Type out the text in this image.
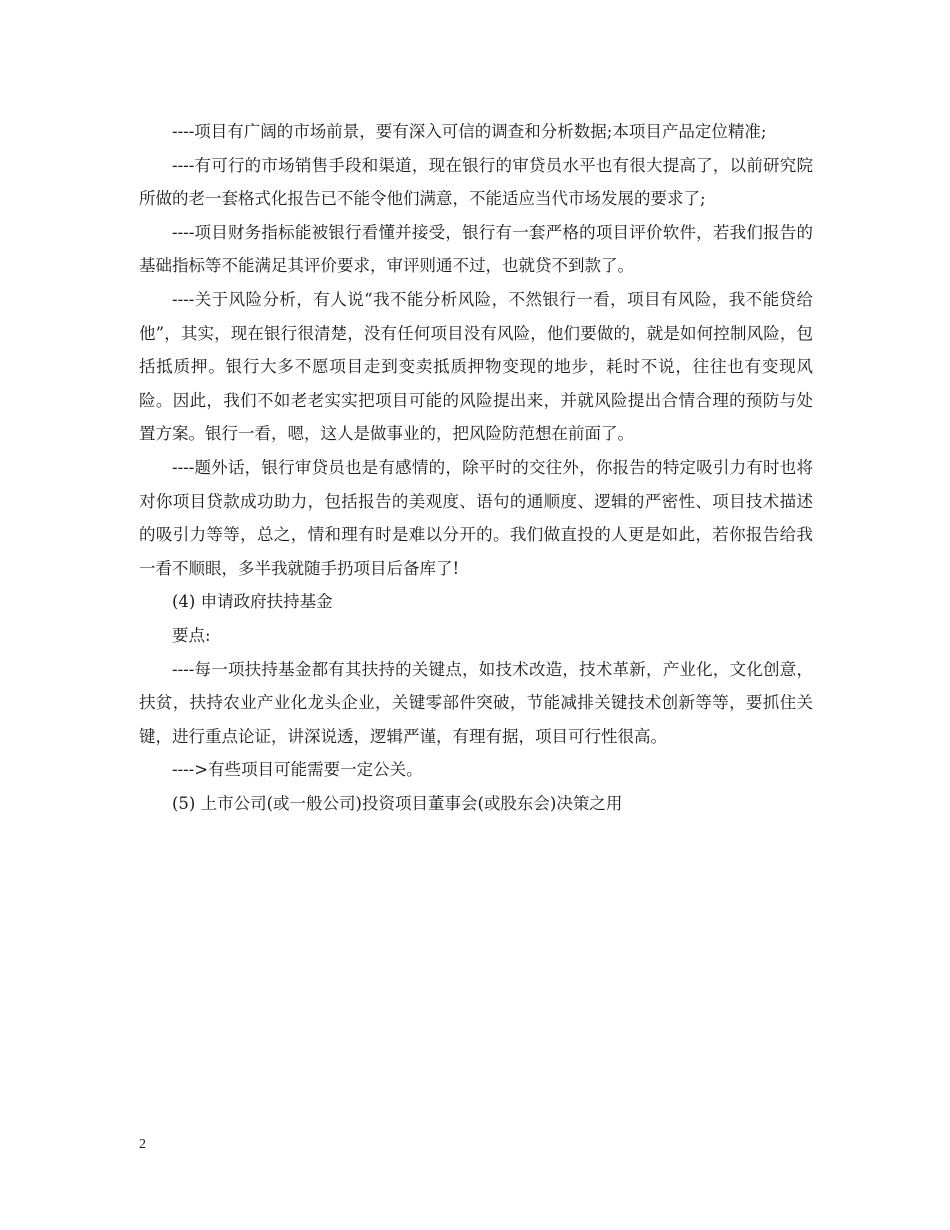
----项目有广阔的市场前景，要有深入可信的调查和分析数据;本项目产品定位精准;

----有可行的市场销售手段和渠道，现在银行的审贷员水平也有很大提高了，以前研究院所做的老一套格式化报告已不能令他们满意，不能适应当代市场发展的要求了;

----项目财务指标能被银行看懂并接受，银行有一套严格的项目评价软件，若我们报告的基础指标等不能满足其评价要求，审评则通不过，也就贷不到款了。

----关于风险分析，有人说“我不能分析风险，不然银行一看，项目有风险，我不能贷给他”，其实，现在银行很清楚，没有任何项目没有风险，他们要做的，就是如何控制风险，包括抵质押。银行大多不愿项目走到变卖抵质押物变现的地步，耗时不说，往往也有变现风险。因此，我们不如老老实实把项目可能的风险提出来，并就风险提出合情合理的预防与处置方案。银行一看，嗯，这人是做事业的，把风险防范想在前面了。

----题外话，银行审贷员也是有感情的，除平时的交往外，你报告的特定吸引力有时也将对你项目贷款成功助力，包括报告的美观度、语句的通顺度、逻辑的严密性、项目技术描述的吸引力等等，总之，情和理有时是难以分开的。我们做直投的人更是如此，若你报告给我一看不顺眼，多半我就随手扔项目后备库了!

(4) 申请政府扶持基金

要点:

----每一项扶持基金都有其扶持的关键点，如技术改造，技术革新，产业化，文化创意，扶贫，扶持农业产业化龙头企业，关键零部件突破，节能减排关键技术创新等等，要抓住关键，进行重点论证，讲深说透，逻辑严谨，有理有据，项目可行性很高。

---->有些项目可能需要一定公关。

(5) 上市公司(或一般公司)投资项目董事会(或股东会)决策之用

2
